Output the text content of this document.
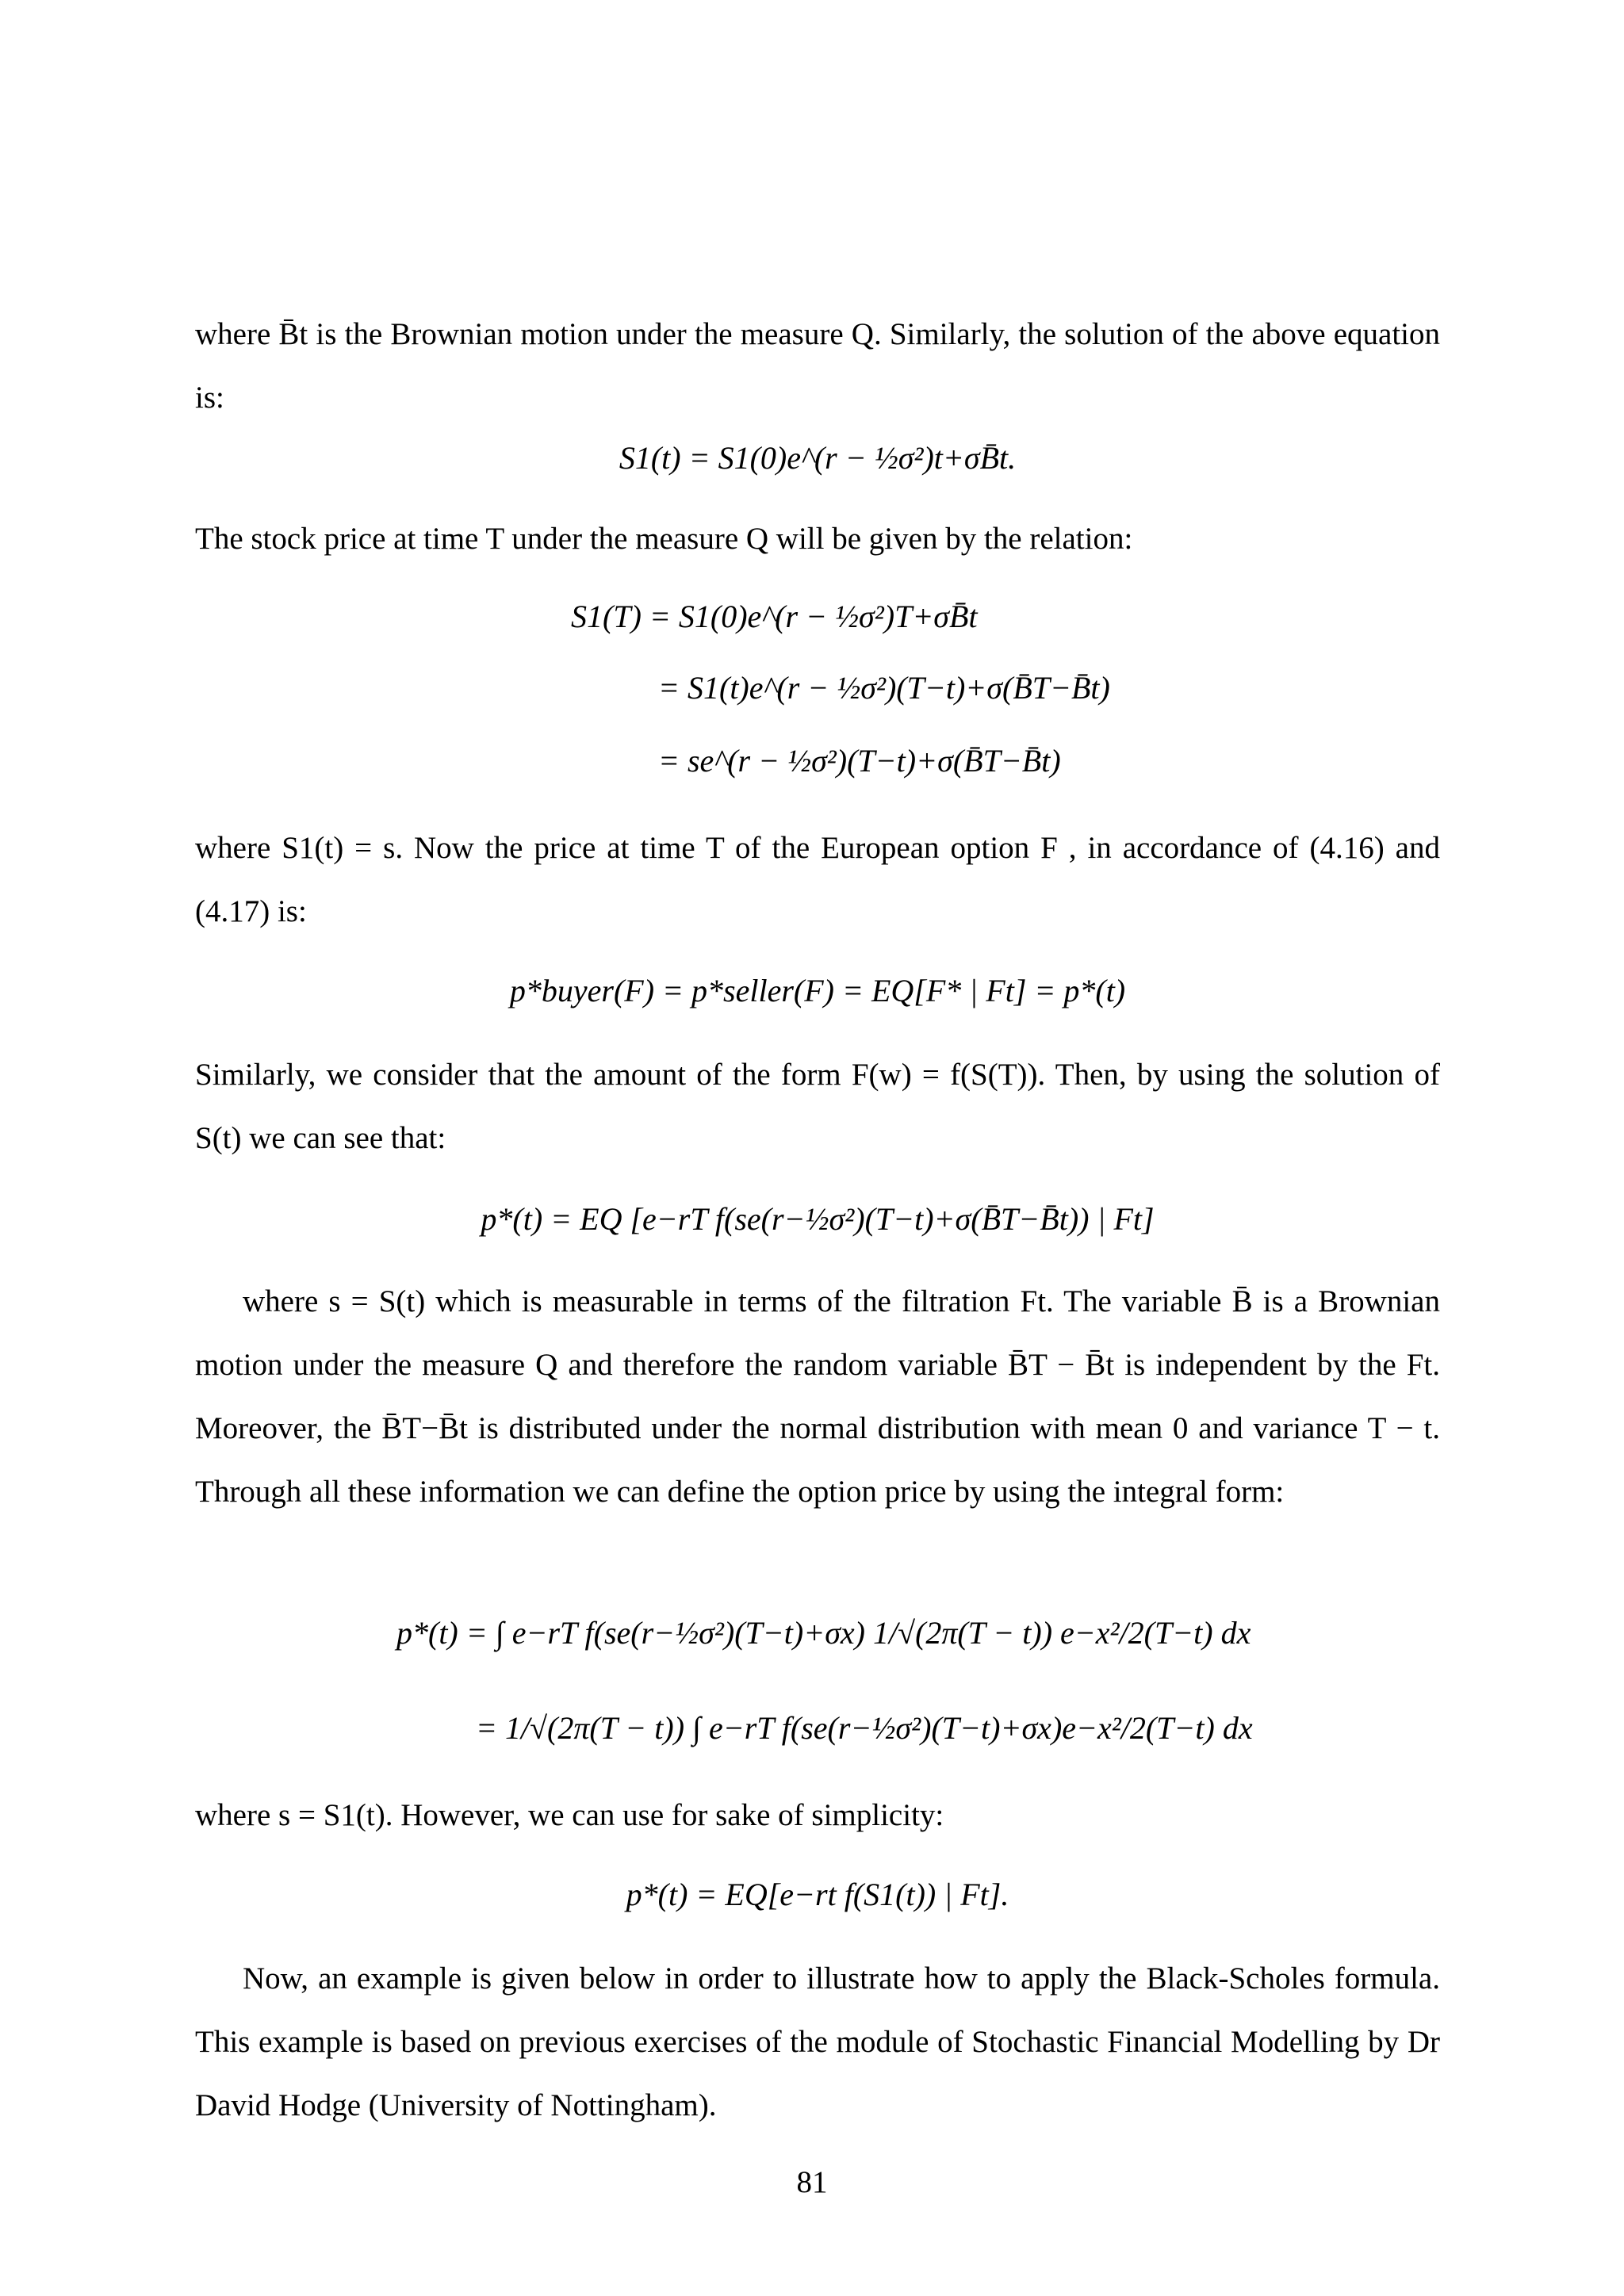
where B̄t is the Brownian motion under the measure Q. Similarly, the solution of the above equation is:
S1(t) = S1(0)e^(r − ½σ²)t+σB̄t.
The stock price at time T under the measure Q will be given by the relation:
S1(T) = S1(0)e^(r − ½σ²)T+σB̄t
= S1(t)e^(r − ½σ²)(T−t)+σ(B̄T−B̄t)
= se^(r − ½σ²)(T−t)+σ(B̄T−B̄t)
where S1(t) = s. Now the price at time T of the European option F , in accordance of (4.16) and (4.17) is:
p*buyer(F) = p*seller(F) = EQ[F* | Ft] = p*(t)
Similarly, we consider that the amount of the form F(w) = f(S(T)). Then, by using the solution of S(t) we can see that:
p*(t) = EQ [e−rT f(se(r−½σ²)(T−t)+σ(B̄T−B̄t)) | Ft]
where s = S(t) which is measurable in terms of the filtration Ft. The variable B̄ is a Brownian motion under the measure Q and therefore the random variable B̄T − B̄t is independent by the Ft. Moreover, the B̄T−B̄t is distributed under the normal distribution with mean 0 and variance T − t. Through all these information we can define the option price by using the integral form:
p*(t) = ∫ e−rT f(se(r−½σ²)(T−t)+σx) 1/√(2π(T − t)) e−x²/2(T−t) dx
= 1/√(2π(T − t)) ∫ e−rT f(se(r−½σ²)(T−t)+σx)e−x²/2(T−t) dx
where s = S1(t). However, we can use for sake of simplicity:
p*(t) = EQ[e−rt f(S1(t)) | Ft].
Now, an example is given below in order to illustrate how to apply the Black-Scholes formula. This example is based on previous exercises of the module of Stochastic Financial Modelling by Dr David Hodge (University of Nottingham).
81
